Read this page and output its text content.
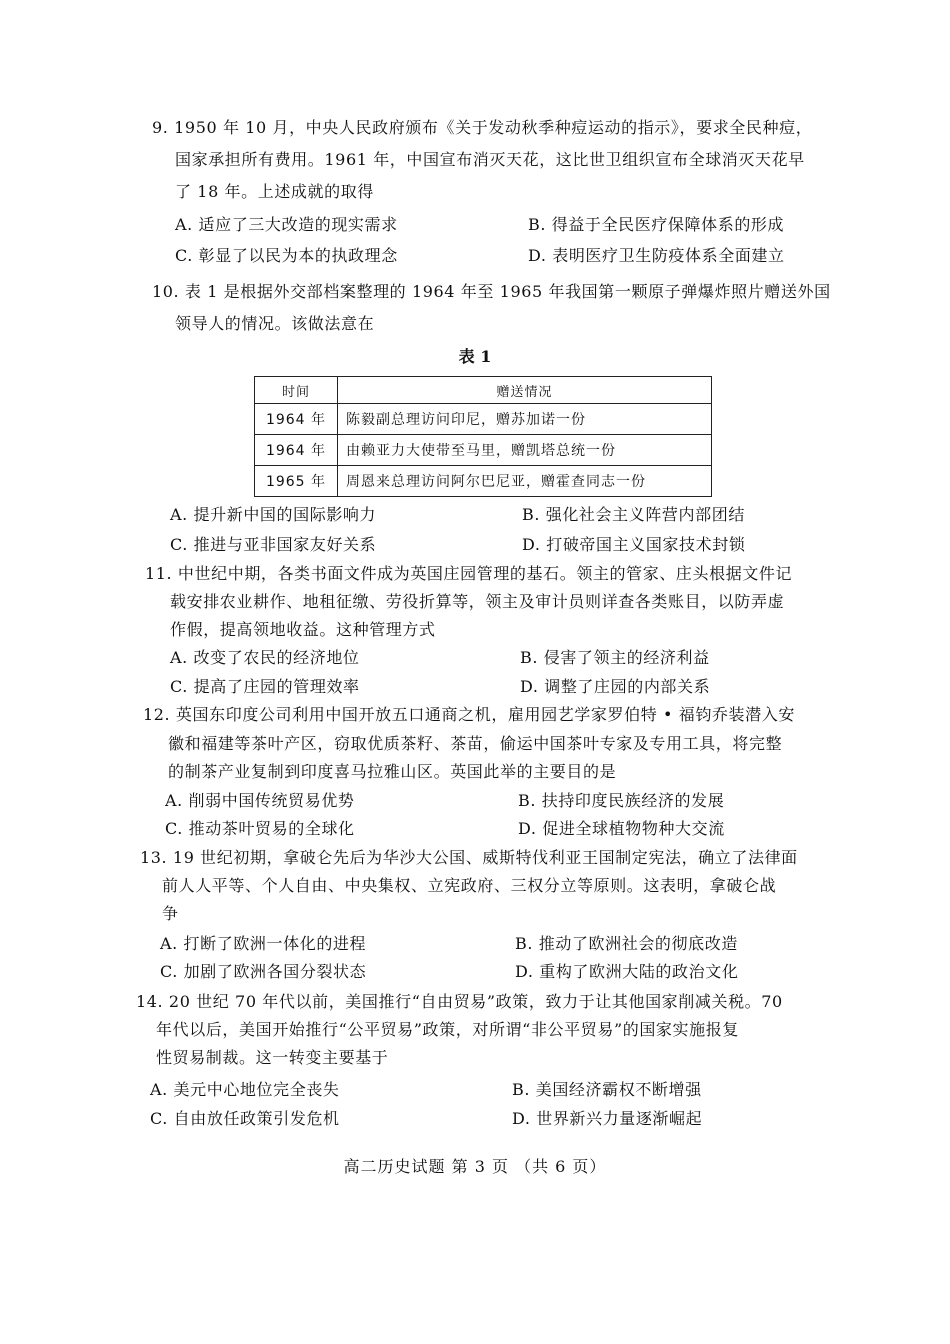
9. 1950 年 10 月，中央人民政府颁布《关于发动秋季种痘运动的指示》，要求全民种痘，
国家承担所有费用。1961 年，中国宣布消灭天花，这比世卫组织宣布全球消灭天花早
了 18 年。上述成就的取得
A. 适应了三大改造的现实需求	B. 得益于全民医疗保障体系的形成
C. 彰显了以民为本的执政理念	D. 表明医疗卫生防疫体系全面建立
10. 表 1 是根据外交部档案整理的 1964 年至 1965 年我国第一颗原子弹爆炸照片赠送外国
领导人的情况。该做法意在
表 1
时间	赠送情况
1964 年	陈毅副总理访问印尼，赠苏加诺一份
1964 年	由赖亚力大使带至马里，赠凯塔总统一份
1965 年	周恩来总理访问阿尔巴尼亚，赠霍查同志一份
A. 提升新中国的国际影响力	B. 强化社会主义阵营内部团结
C. 推进与亚非国家友好关系	D. 打破帝国主义国家技术封锁
11. 中世纪中期，各类书面文件成为英国庄园管理的基石。领主的管家、庄头根据文件记
载安排农业耕作、地租征缴、劳役折算等，领主及审计员则详查各类账目，以防弄虚
作假，提高领地收益。这种管理方式
A. 改变了农民的经济地位	B. 侵害了领主的经济利益
C. 提高了庄园的管理效率	D. 调整了庄园的内部关系
12. 英国东印度公司利用中国开放五口通商之机，雇用园艺学家罗伯特 • 福钧乔装潜入安
徽和福建等茶叶产区，窃取优质茶籽、茶苗，偷运中国茶叶专家及专用工具，将完整
的制茶产业复制到印度喜马拉雅山区。英国此举的主要目的是
A. 削弱中国传统贸易优势	B. 扶持印度民族经济的发展
C. 推动茶叶贸易的全球化	D. 促进全球植物物种大交流
13. 19 世纪初期，拿破仑先后为华沙大公国、威斯特伐利亚王国制定宪法，确立了法律面
前人人平等、个人自由、中央集权、立宪政府、三权分立等原则。这表明，拿破仑战
争
A. 打断了欧洲一体化的进程	B. 推动了欧洲社会的彻底改造
C. 加剧了欧洲各国分裂状态	D. 重构了欧洲大陆的政治文化
14. 20 世纪 70 年代以前，美国推行“自由贸易”政策，致力于让其他国家削减关税。70
年代以后，美国开始推行“公平贸易”政策，对所谓“非公平贸易”的国家实施报复
性贸易制裁。这一转变主要基于
A. 美元中心地位完全丧失	B. 美国经济霸权不断增强
C. 自由放任政策引发危机	D. 世界新兴力量逐渐崛起
高二历史试题 第 3 页 （共 6 页）
